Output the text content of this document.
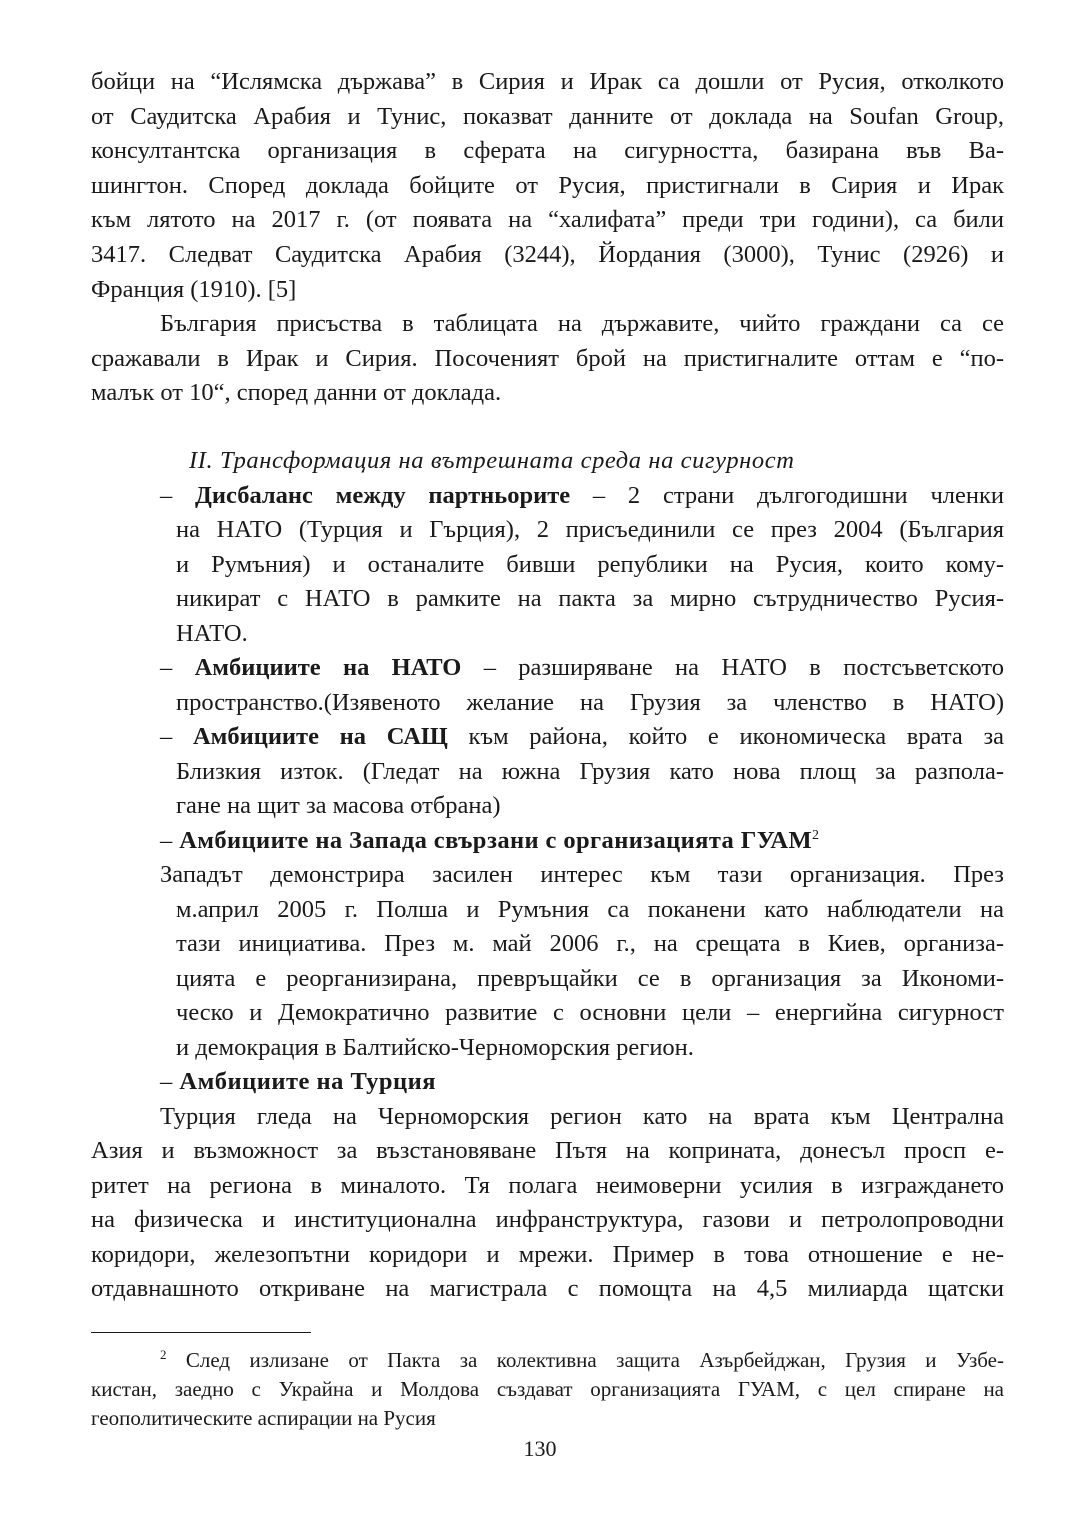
бойци на “Ислямска държава” в Сирия и Ирак са дошли от Русия, отколкото
от Саудитска Арабия и Тунис, показват данните от доклада на Soufan Group,
консултантска организация в сферата на сигурността, базирана във Ва-
шингтон. Според доклада бойците от Русия, пристигнали в Сирия и Ирак
към лятото на 2017 г. (от появата на “халифата” преди три години), са били
3417. Следват Саудитска Арабия (3244), Йордания (3000), Тунис (2926) и
Франция (1910). [5]
България присъства в таблицата на държавите, чийто граждани са се
сражавали в Ирак и Сирия. Посоченият брой на пристигналите оттам е “по-
малък от 10“, според данни от доклада.
II. Трансформация на вътрешната среда на сигурност
– Дисбаланс между партньорите – 2 страни дългогодишни членки
на НАТО (Турция и Гърция), 2 присъединили се през 2004 (България
и Румъния) и останалите бивши републики на Русия, които кому-
никират с НАТО в рамките на пакта за мирно сътрудничество Русия-
НАТО.
– Амбициите на НАТО – разширяване на НАТО в постсъветското
пространство.(Изявеното желание на Грузия за членство в НАТО)
– Амбициите на САЩ към района, който е икономическа врата за
Близкия изток. (Гледат на южна Грузия като нова площ за разпола-
гане на щит за масова отбрана)
– Амбициите на Запада свързани с организацията ГУАМ$^2$
Западът демонстрира засилен интерес към тази организация. През
м.април 2005 г. Полша и Румъния са поканени като наблюдатели на
тази инициатива. През м. май 2006 г., на срещата в Киев, организа-
цията е реорганизирана, превръщайки се в организация за Икономи-
ческо и Демократично развитие с основни цели – енергийна сигурност
и демокрация в Балтийско-Черноморския регион.
– Амбициите на Турция
Турция гледа на Черноморския регион като на врата към Централна
Азия и възможност за възстановяване Пътя на коприната, донесъл просп е-
ритет на региона в миналото. Тя полага неимоверни усилия в изграждането
на физическа и институционална инфранструктура, газови и петролопроводни
коридори, железопътни коридори и мрежи. Пример в това отношение е не-
отдавнашното откриване на магистрала с помощта на 4,5 милиарда щатски
$^2$ След излизане от Пакта за колективна защита Азърбейджан, Грузия и Узбе-
кистан, заедно с Украйна и Молдова създават организацията ГУАМ, с цел спиране на
геополитическите аспирации на Русия
130
